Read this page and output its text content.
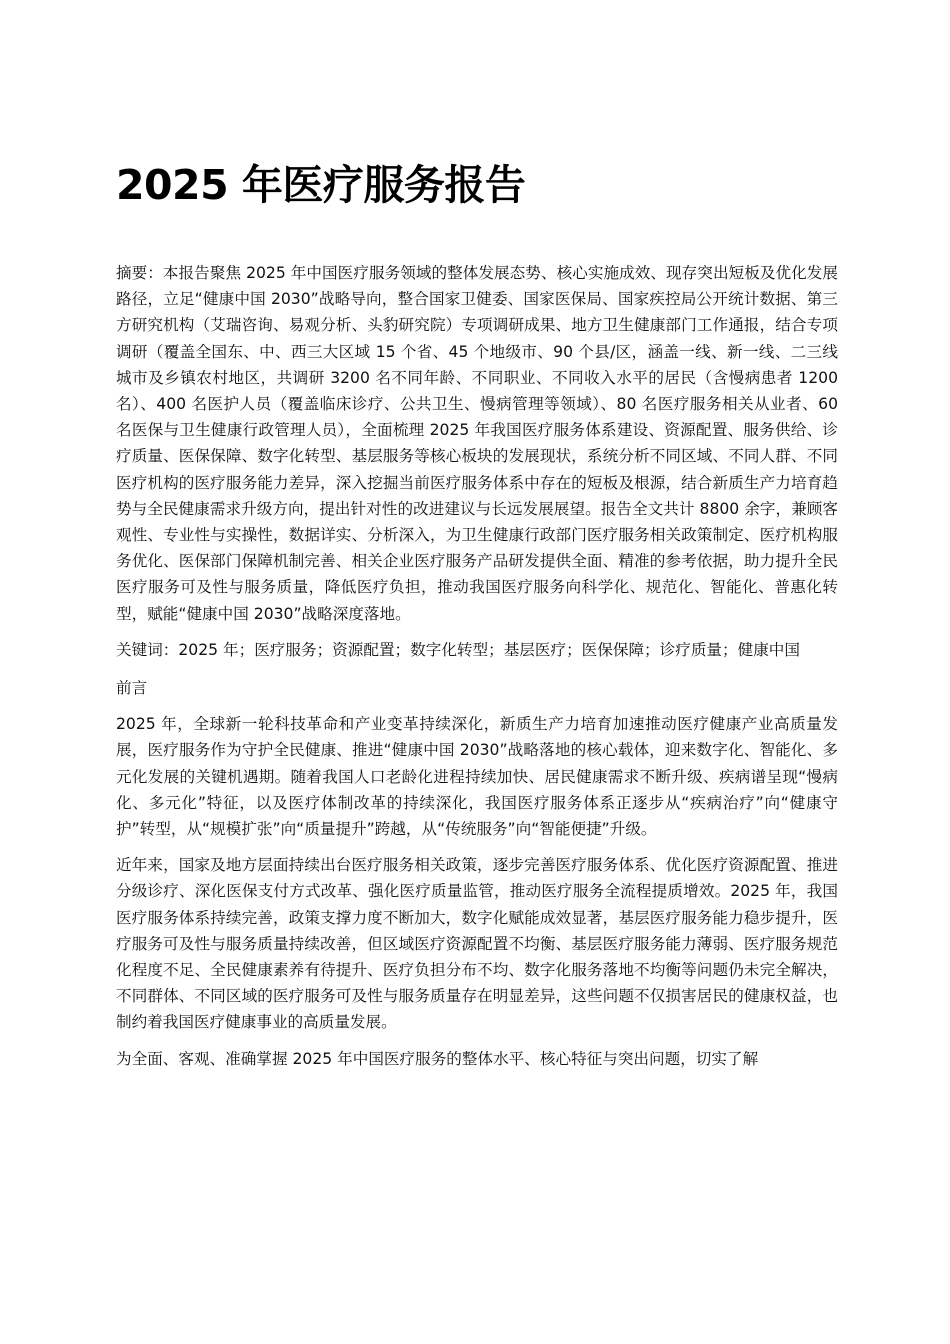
2025 年医疗服务报告

摘要：本报告聚焦 2025 年中国医疗服务领域的整体发展态势、核心实施成效、现存突出短板及优化发展路径，立足“健康中国 2030”战略导向，整合国家卫健委、国家医保局、国家疾控局公开统计数据、第三方研究机构（艾瑞咨询、易观分析、头豹研究院）专项调研成果、地方卫生健康部门工作通报，结合专项调研（覆盖全国东、中、西三大区域 15 个省、45 个地级市、90 个县/区，涵盖一线、新一线、二三线城市及乡镇农村地区，共调研 3200 名不同年龄、不同职业、不同收入水平的居民（含慢病患者 1200 名）、400 名医护人员（覆盖临床诊疗、公共卫生、慢病管理等领域）、80 名医疗服务相关从业者、60 名医保与卫生健康行政管理人员），全面梳理 2025 年我国医疗服务体系建设、资源配置、服务供给、诊疗质量、医保保障、数字化转型、基层服务等核心板块的发展现状，系统分析不同区域、不同人群、不同医疗机构的医疗服务能力差异，深入挖掘当前医疗服务体系中存在的短板及根源，结合新质生产力培育趋势与全民健康需求升级方向，提出针对性的改进建议与长远发展展望。报告全文共计 8800 余字，兼顾客观性、专业性与实操性，数据详实、分析深入，为卫生健康行政部门医疗服务相关政策制定、医疗机构服务优化、医保部门保障机制完善、相关企业医疗服务产品研发提供全面、精准的参考依据，助力提升全民医疗服务可及性与服务质量，降低医疗负担，推动我国医疗服务向科学化、规范化、智能化、普惠化转型，赋能“健康中国 2030”战略深度落地。

关键词：2025 年；医疗服务；资源配置；数字化转型；基层医疗；医保保障；诊疗质量；健康中国

前言

2025 年，全球新一轮科技革命和产业变革持续深化，新质生产力培育加速推动医疗健康产业高质量发展，医疗服务作为守护全民健康、推进“健康中国 2030”战略落地的核心载体，迎来数字化、智能化、多元化发展的关键机遇期。随着我国人口老龄化进程持续加快、居民健康需求不断升级、疾病谱呈现“慢病化、多元化”特征，以及医疗体制改革的持续深化，我国医疗服务体系正逐步从“疾病治疗”向“健康守护”转型，从“规模扩张”向“质量提升”跨越，从“传统服务”向“智能便捷”升级。

近年来，国家及地方层面持续出台医疗服务相关政策，逐步完善医疗服务体系、优化医疗资源配置、推进分级诊疗、深化医保支付方式改革、强化医疗质量监管，推动医疗服务全流程提质增效。2025 年，我国医疗服务体系持续完善，政策支撑力度不断加大，数字化赋能成效显著，基层医疗服务能力稳步提升，医疗服务可及性与服务质量持续改善，但区域医疗资源配置不均衡、基层医疗服务能力薄弱、医疗服务规范化程度不足、全民健康素养有待提升、医疗负担分布不均、数字化服务落地不均衡等问题仍未完全解决，不同群体、不同区域的医疗服务可及性与服务质量存在明显差异，这些问题不仅损害居民的健康权益，也制约着我国医疗健康事业的高质量发展。

为全面、客观、准确掌握 2025 年中国医疗服务的整体水平、核心特征与突出问题，切实了解
